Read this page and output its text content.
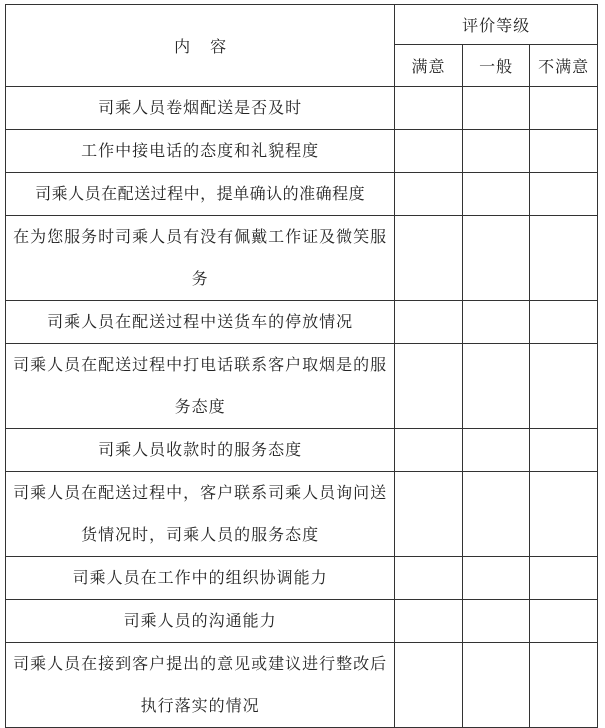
内容	评价等级		
	满意	一般	不满意
司乘人员卷烟配送是否及时			
工作中接电话的态度和礼貌程度			
司乘人员在配送过程中，提单确认的准确程度			
在为您服务时司乘人员有没有佩戴工作证及微笑服务			
司乘人员在配送过程中送货车的停放情况			
司乘人员在配送过程中打电话联系客户取烟是的服务态度			
司乘人员收款时的服务态度			
司乘人员在配送过程中，客户联系司乘人员询问送货情况时，司乘人员的服务态度			
司乘人员在工作中的组织协调能力			
司乘人员的沟通能力			
司乘人员在接到客户提出的意见或建议进行整改后执行落实的情况			
